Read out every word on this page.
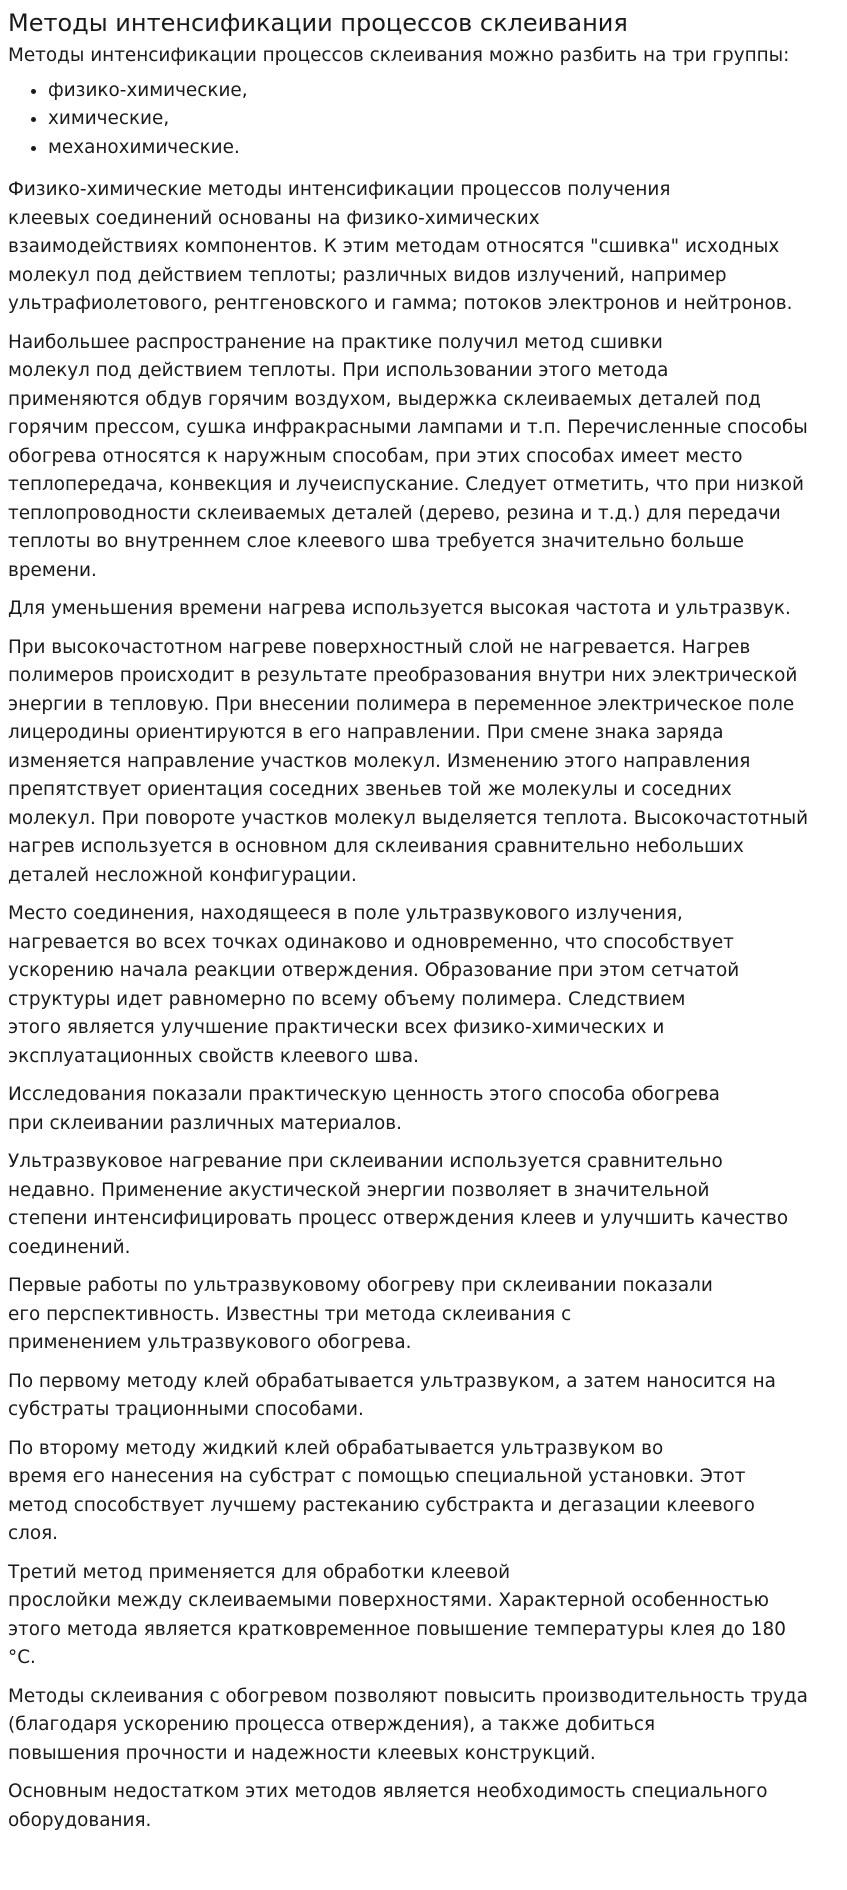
Методы интенсификации процессов склеивания

Методы интенсификации процессов склеивания можно разбить на три группы:

• физико-химические,
• химические,
• механохимические.

Физико-химические методы интенсификации процессов получения
клеевых соединений основаны на физико-химических
взаимодействиях компонентов. К этим методам относятся "сшивка" исходных
молекул под действием теплоты; различных видов излучений, например
ультрафиолетового, рентгеновского и гамма; потоков электронов и нейтронов.

Наибольшее распространение на практике получил метод сшивки
молекул под действием теплоты. При использовании этого метода
применяются обдув горячим воздухом, выдержка склеиваемых деталей под
горячим прессом, сушка инфракрасными лампами и т.п. Перечисленные способы
обогрева относятся к наружным способам, при этих способах имеет место
теплопередача, конвекция и лучеиспускание. Следует отметить, что при низкой
теплопроводности склеиваемых деталей (дерево, резина и т.д.) для передачи
теплоты во внутреннем слое клеевого шва требуется значительно больше
времени.

Для уменьшения времени нагрева используется высокая частота и ультразвук.

При высокочастотном нагреве поверхностный слой не нагревается. Нагрев
полимеров происходит в результате преобразования внутри них электрической
энергии в тепловую. При внесении полимера в переменное электрическое поле
лицеродины ориентируются в его направлении. При смене знака заряда
изменяется направление участков молекул. Изменению этого направления
препятствует ориентация соседних звеньев той же молекулы и соседних
молекул. При повороте участков молекул выделяется теплота. Высокочастотный
нагрев используется в основном для склеивания сравнительно небольших
деталей несложной конфигурации.

Место соединения, находящееся в поле ультразвукового излучения,
нагревается во всех точках одинаково и одновременно, что способствует
ускорению начала реакции отверждения. Образование при этом сетчатой
структуры идет равномерно по всему объему полимера. Следствием
этого является улучшение практически всех физико-химических и
эксплуатационных свойств клеевого шва.

Исследования показали практическую ценность этого способа обогрева
при склеивании различных материалов.

Ультразвуковое нагревание при склеивании используется сравнительно
недавно. Применение акустической энергии позволяет в значительной
степени интенсифицировать процесс отверждения клеев и улучшить качество
соединений.

Первые работы по ультразвуковому обогреву при склеивании показали
его перспективность. Известны три метода склеивания с
применением ультразвукового обогрева.

По первому методу клей обрабатывается ультразвуком, а затем наносится на
субстраты трационными способами.

По второму методу жидкий клей обрабатывается ультразвуком во
время его нанесения на субстрат с помощью специальной установки. Этот
метод способствует лучшему растеканию субстракта и дегазации клеевого
слоя.

Третий метод применяется для обработки клеевой
прослойки между склеиваемыми поверхностями. Характерной особенностью
этого метода является кратковременное повышение температуры клея до 180
°С.

Методы склеивания с обогревом позволяют повысить производительность труда
(благодаря ускорению процесса отверждения), а также добиться
повышения прочности и надежности клеевых конструкций.

Основным недостатком этих методов является необходимость специального
оборудования.
